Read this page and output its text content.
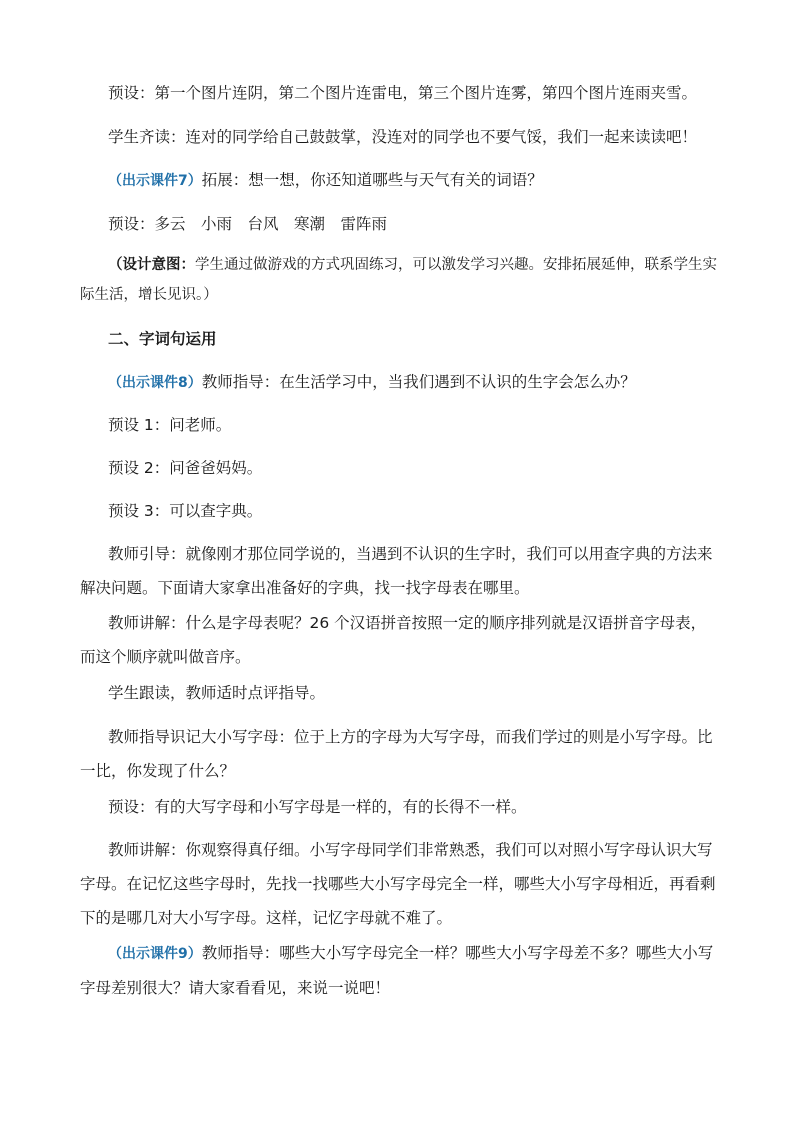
预设：第一个图片连阴，第二个图片连雷电，第三个图片连雾，第四个图片连雨夹雪。

学生齐读：连对的同学给自己鼓鼓掌，没连对的同学也不要气馁，我们一起来读读吧！

（出示课件7）拓展：想一想，你还知道哪些与天气有关的词语？

预设：多云　小雨　台风　寒潮　雷阵雨

（设计意图：学生通过做游戏的方式巩固练习，可以激发学习兴趣。安排拓展延伸，联系学生实际生活，增长见识。）

二、字词句运用

（出示课件8）教师指导：在生活学习中，当我们遇到不认识的生字会怎么办？

预设 1：问老师。

预设 2：问爸爸妈妈。

预设 3：可以查字典。

教师引导：就像刚才那位同学说的，当遇到不认识的生字时，我们可以用查字典的方法来解决问题。下面请大家拿出准备好的字典，找一找字母表在哪里。

教师讲解：什么是字母表呢？26 个汉语拼音按照一定的顺序排列就是汉语拼音字母表，而这个顺序就叫做音序。

学生跟读，教师适时点评指导。

教师指导识记大小写字母：位于上方的字母为大写字母，而我们学过的则是小写字母。比一比，你发现了什么？

预设：有的大写字母和小写字母是一样的，有的长得不一样。

教师讲解：你观察得真仔细。小写字母同学们非常熟悉，我们可以对照小写字母认识大写字母。在记忆这些字母时，先找一找哪些大小写字母完全一样，哪些大小写字母相近，再看剩下的是哪几对大小写字母。这样，记忆字母就不难了。

（出示课件9）教师指导：哪些大小写字母完全一样？哪些大小写字母差不多？哪些大小写字母差别很大？请大家看看见，来说一说吧！
